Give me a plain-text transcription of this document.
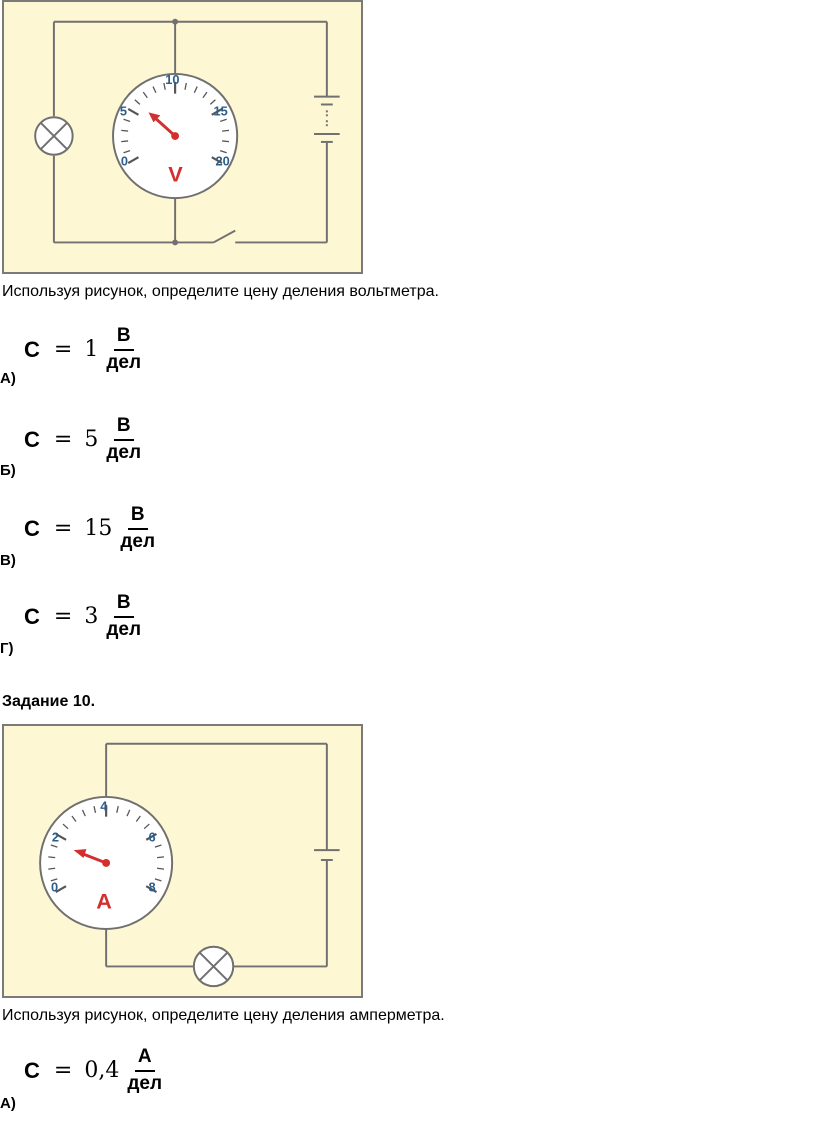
0
5
10
15
20
V
Используя рисунок, определите цену деления вольтметра.
$C = 1 \frac{В}{\text{дел}}$
А)
$C = 5 \frac{В}{\text{дел}}$
Б)
$C = 15 \frac{В}{\text{дел}}$
В)
$C = 3 \frac{В}{\text{дел}}$
Г)
Задание 10.
0
2
4
6
8
A
Используя рисунок, определите цену деления амперметра.
$C = 0,4 \frac{А}{\text{дел}}$
А)
